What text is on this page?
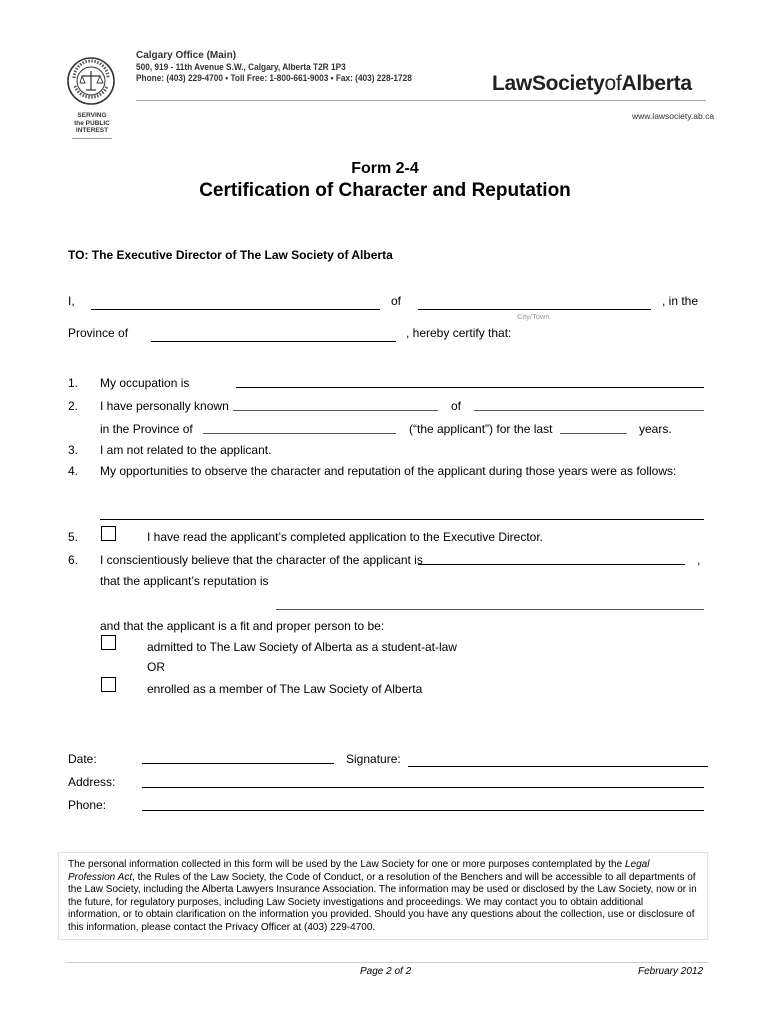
SERVING
the PUBLIC
INTEREST
Calgary Office (Main)
500, 919 - 11th Avenue S.W., Calgary, Alberta T2R 1P3
Phone: (403) 229-4700 • Toll Free: 1-800-661-9003 • Fax: (403) 228-1728	LawSocietyofAlberta
www.lawsociety.ab.ca
Form 2-4
Certification of Character and Reputation
TO: The Executive Director of The Law Society of Alberta
I,	of	, in the
City/Town
Province of	, hereby certify that:
1. My occupation is
2. I have personally known	of
in the Province of	(“the applicant”) for the last	years.
3. I am not related to the applicant.
4. My opportunities to observe the character and reputation of the applicant during those years were as follows:
5.	I have read the applicant’s completed application to the Executive Director.
6. I conscientiously believe that the character of the applicant is	,
that the applicant’s reputation is
and that the applicant is a fit and proper person to be:
admitted to The Law Society of Alberta as a student-at-law
OR
enrolled as a member of The Law Society of Alberta
Date:	Signature:
Address:
Phone:
The personal information collected in this form will be used by the Law Society for one or more purposes contemplated by the Legal Profession Act, the Rules of the Law Society, the Code of Conduct, or a resolution of the Benchers and will be accessible to all departments of the Law Society, including the Alberta Lawyers Insurance Association. The information may be used or disclosed by the Law Society, now or in the future, for regulatory purposes, including Law Society investigations and proceedings. We may contact you to obtain additional information, or to obtain clarification on the information you provided. Should you have any questions about the collection, use or disclosure of this information, please contact the Privacy Officer at (403) 229-4700.
Page 2 of 2	February 2012
